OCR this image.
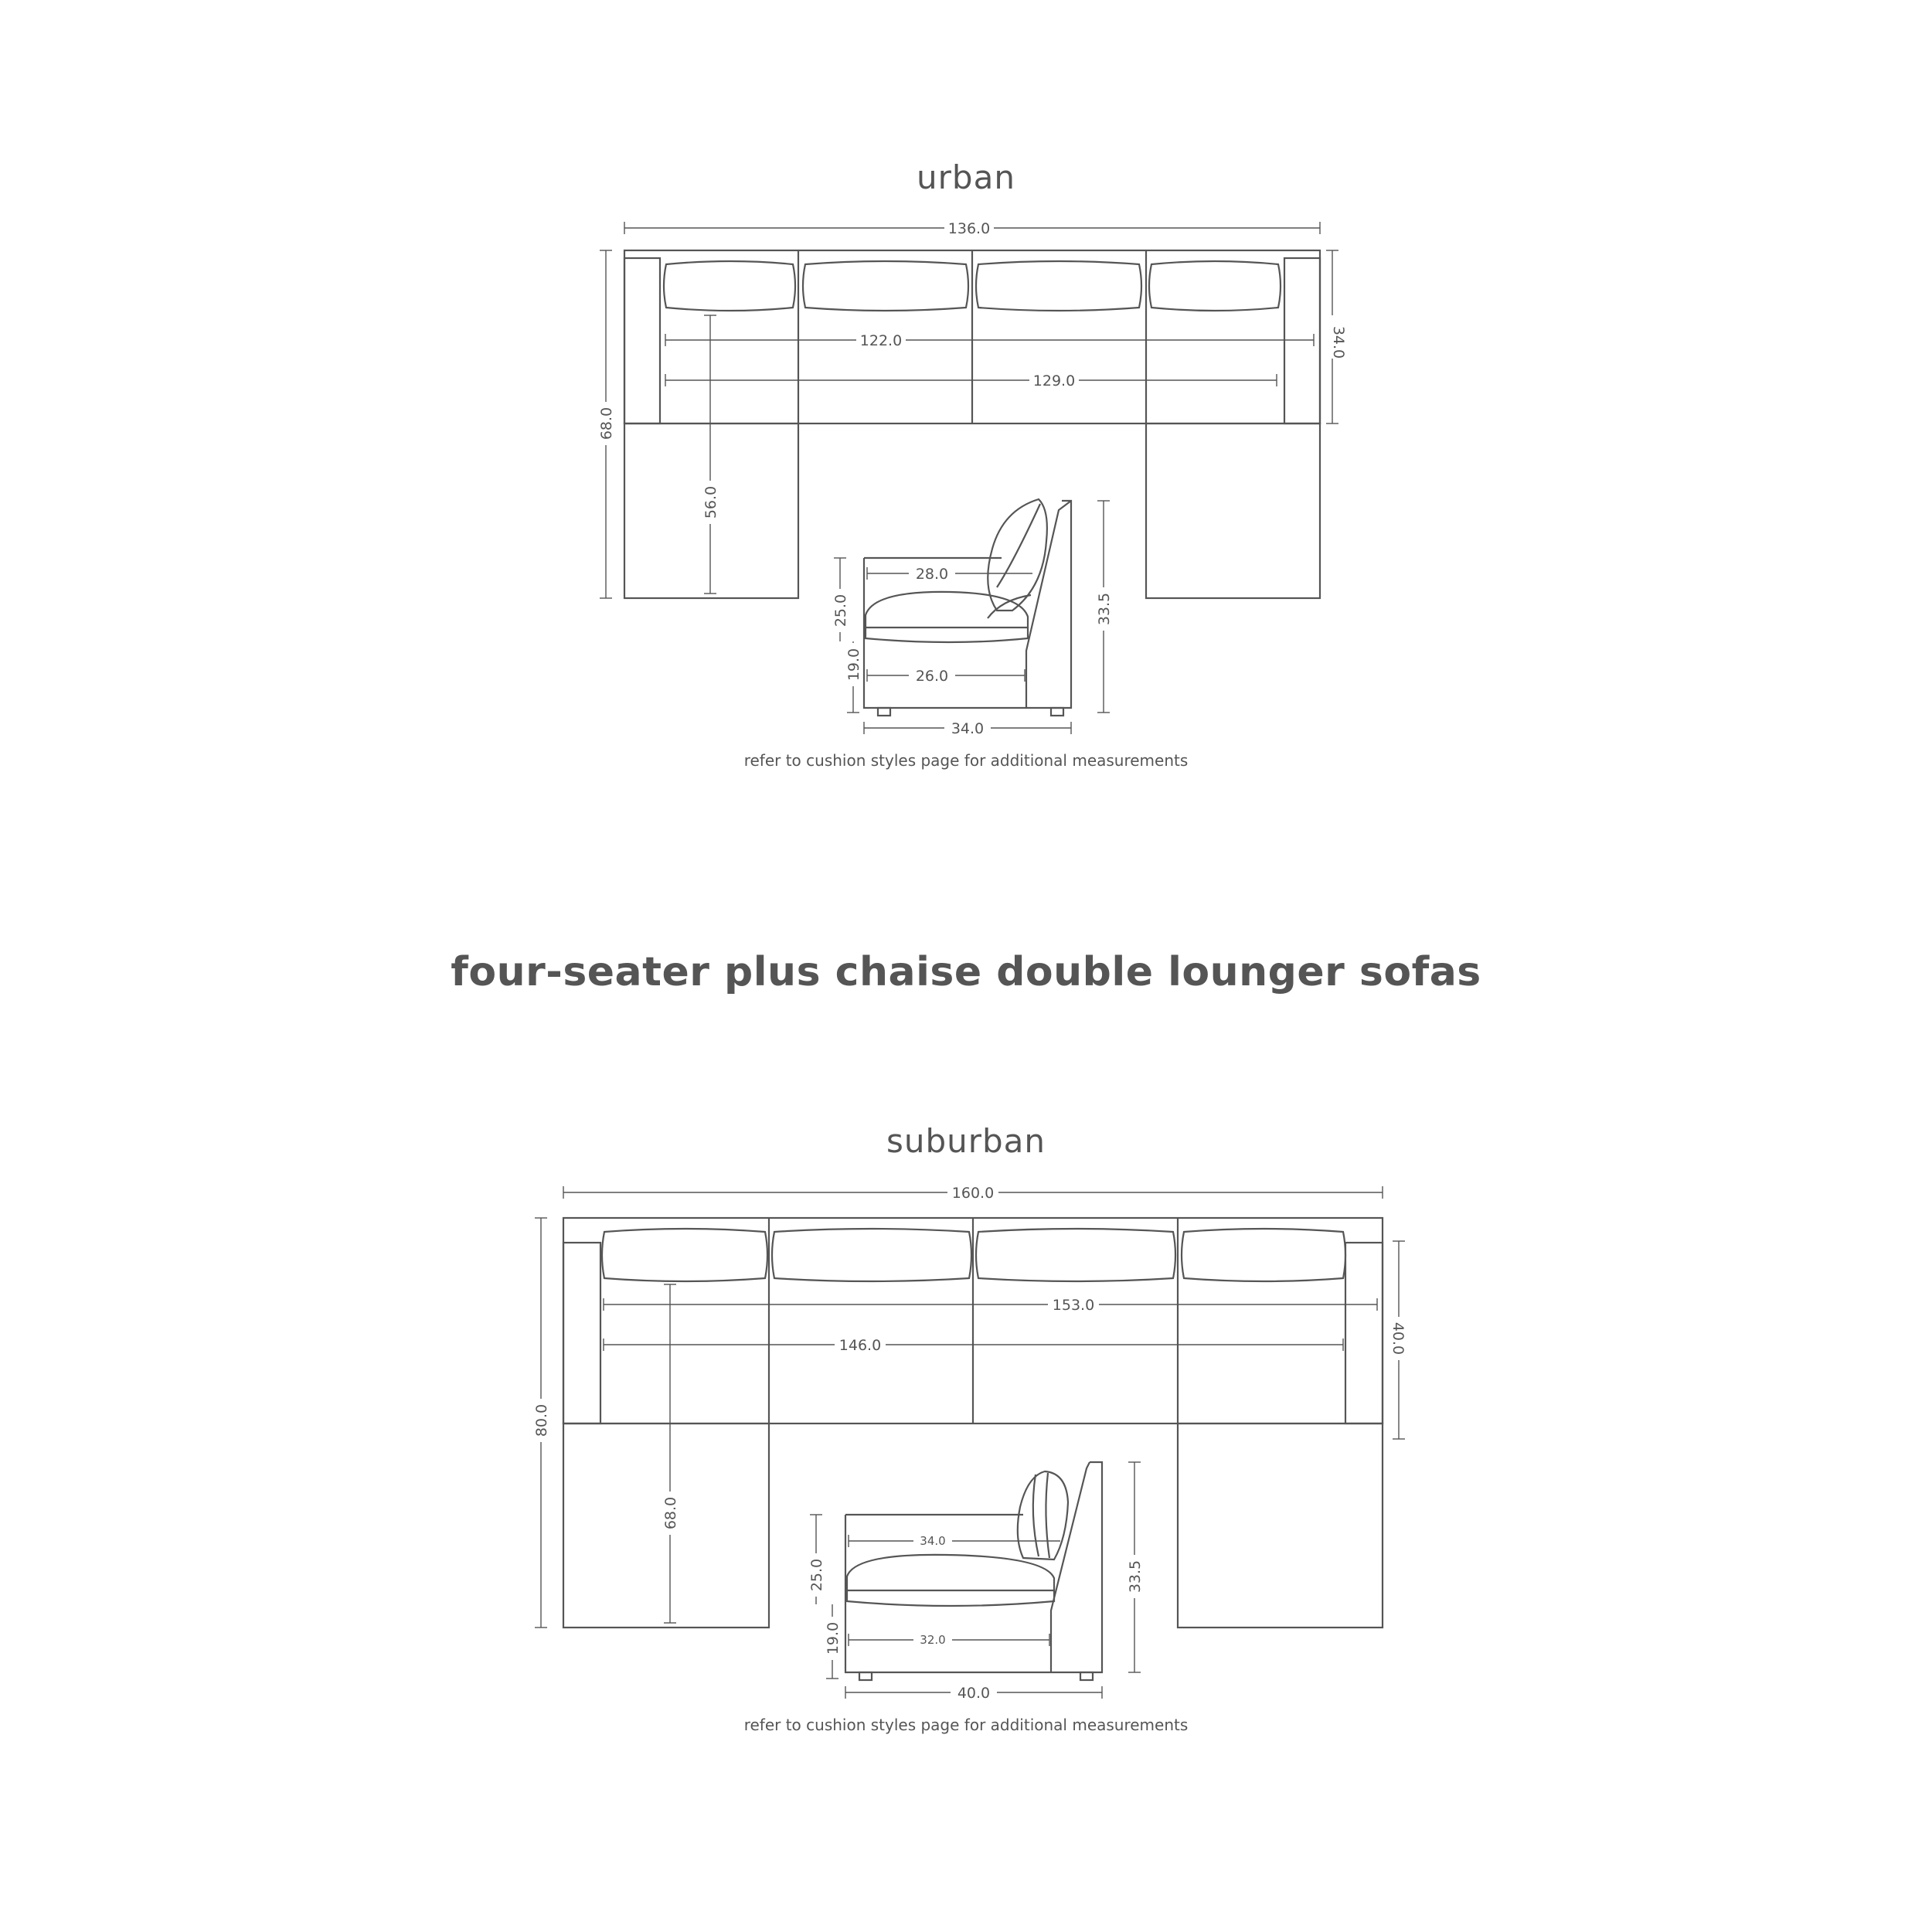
urban
four-seater plus chaise double lounger sofas
suburban
refer to cushion styles page for additional measurements
refer to cushion styles page for additional measurements
136.0
122.0
129.0
34.0
68.0
56.0
28.0
26.0
34.0
25.0
19.0
33.5
160.0
153.0
146.0	40.0
80.0
68.0
34.0
32.0
40.0
25.0
19.0
33.5
